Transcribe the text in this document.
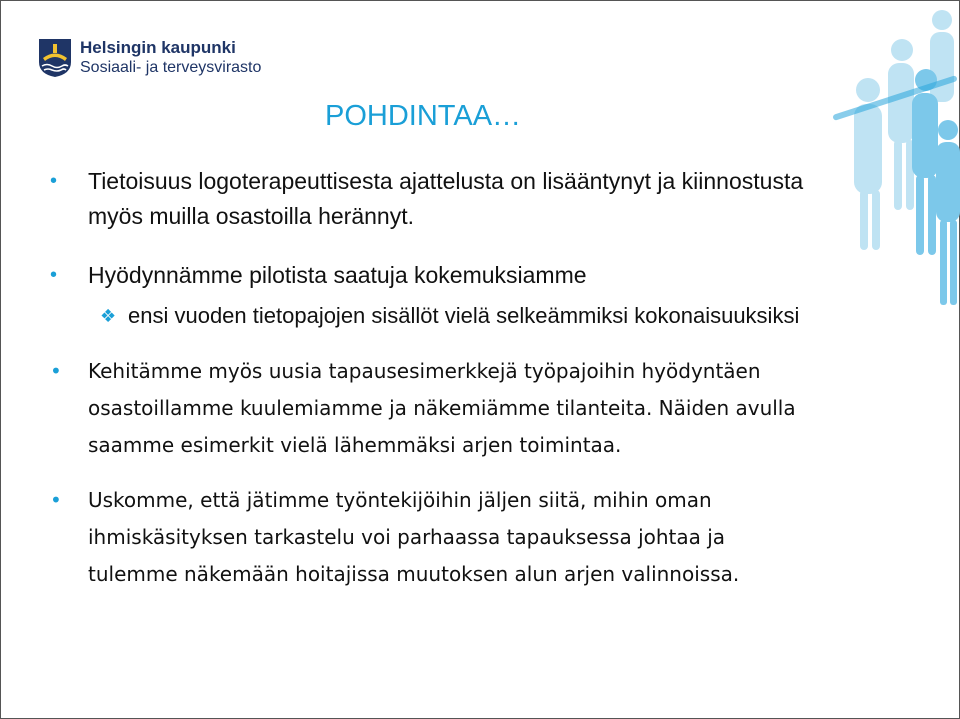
Helsingin kaupunki
Sosiaali- ja terveysvirasto
POHDINTAA…
• Tietoisuus logoterapeuttisesta ajattelusta on lisääntynyt ja kiinnostusta myös muilla osastoilla herännyt.
• Hyödynnämme pilotista saatuja kokemuksiamme
❖ ensi vuoden tietopajojen sisällöt vielä selkeämmiksi kokonaisuuksiksi
• Kehitämme myös uusia tapausesimerkkejä työpajoihin hyödyntäen osastoillamme kuulemiamme ja näkemiämme tilanteita. Näiden avulla saamme esimerkit vielä lähemmäksi arjen toimintaa.
• Uskomme, että jätimme työntekijöihin jäljen siitä, mihin oman ihmiskäsityksen tarkastelu voi parhaassa tapauksessa johtaa ja tulemme näkemään hoitajissa muutoksen alun arjen valinnoissa.
